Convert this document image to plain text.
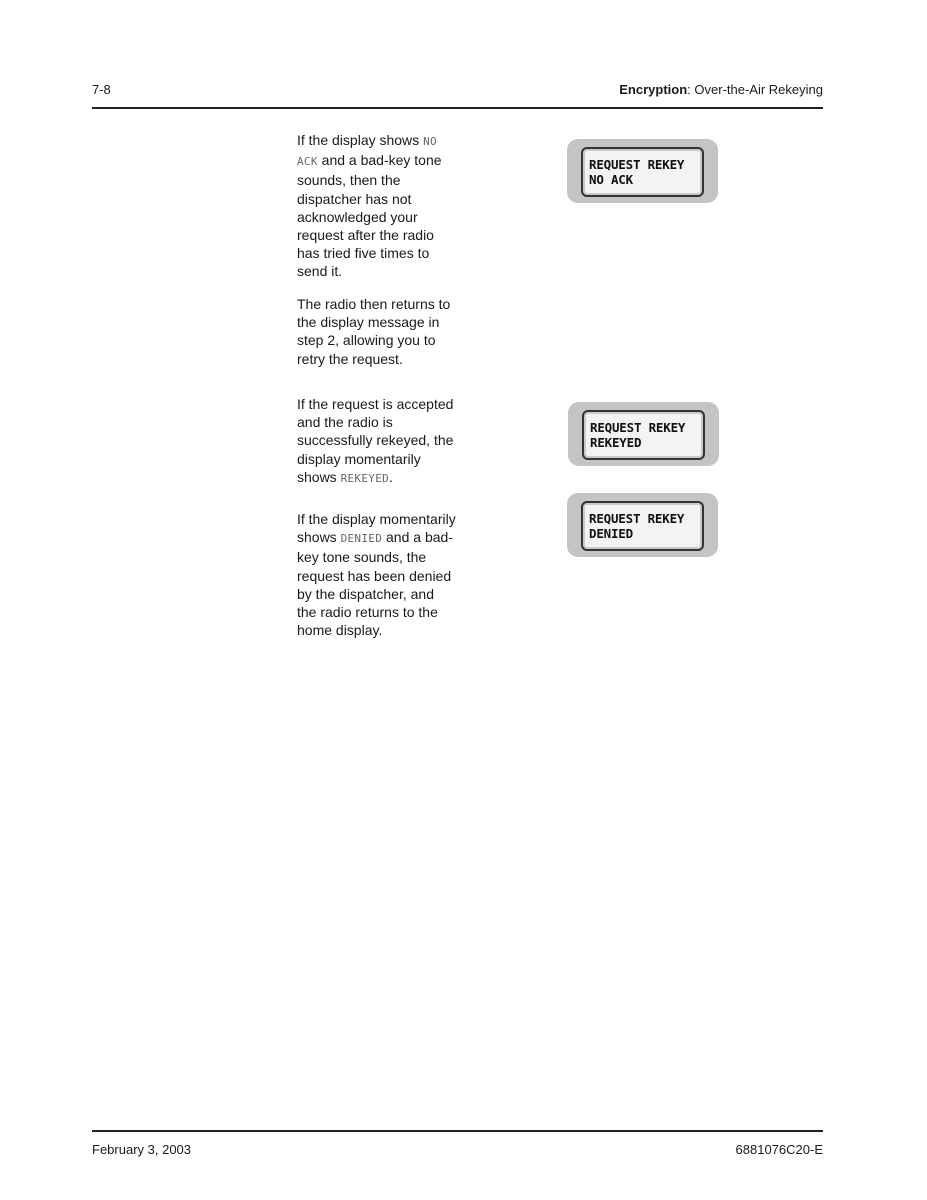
7-8	Encryption: Over-the-Air Rekeying
If the display shows NO ACK and a bad-key tone sounds, then the dispatcher has not acknowledged your request after the radio has tried five times to send it.
The radio then returns to the display message in step 2, allowing you to retry the request.
If the request is accepted and the radio is successfully rekeyed, the display momentarily shows REKEYED.
If the display momentarily shows DENIED and a bad-key tone sounds, the request has been denied by the dispatcher, and the radio returns to the home display.
REQUEST REKEY
NO ACK
REQUEST REKEY
REKEYED
REQUEST REKEY
DENIED
February 3, 2003	6881076C20-E
